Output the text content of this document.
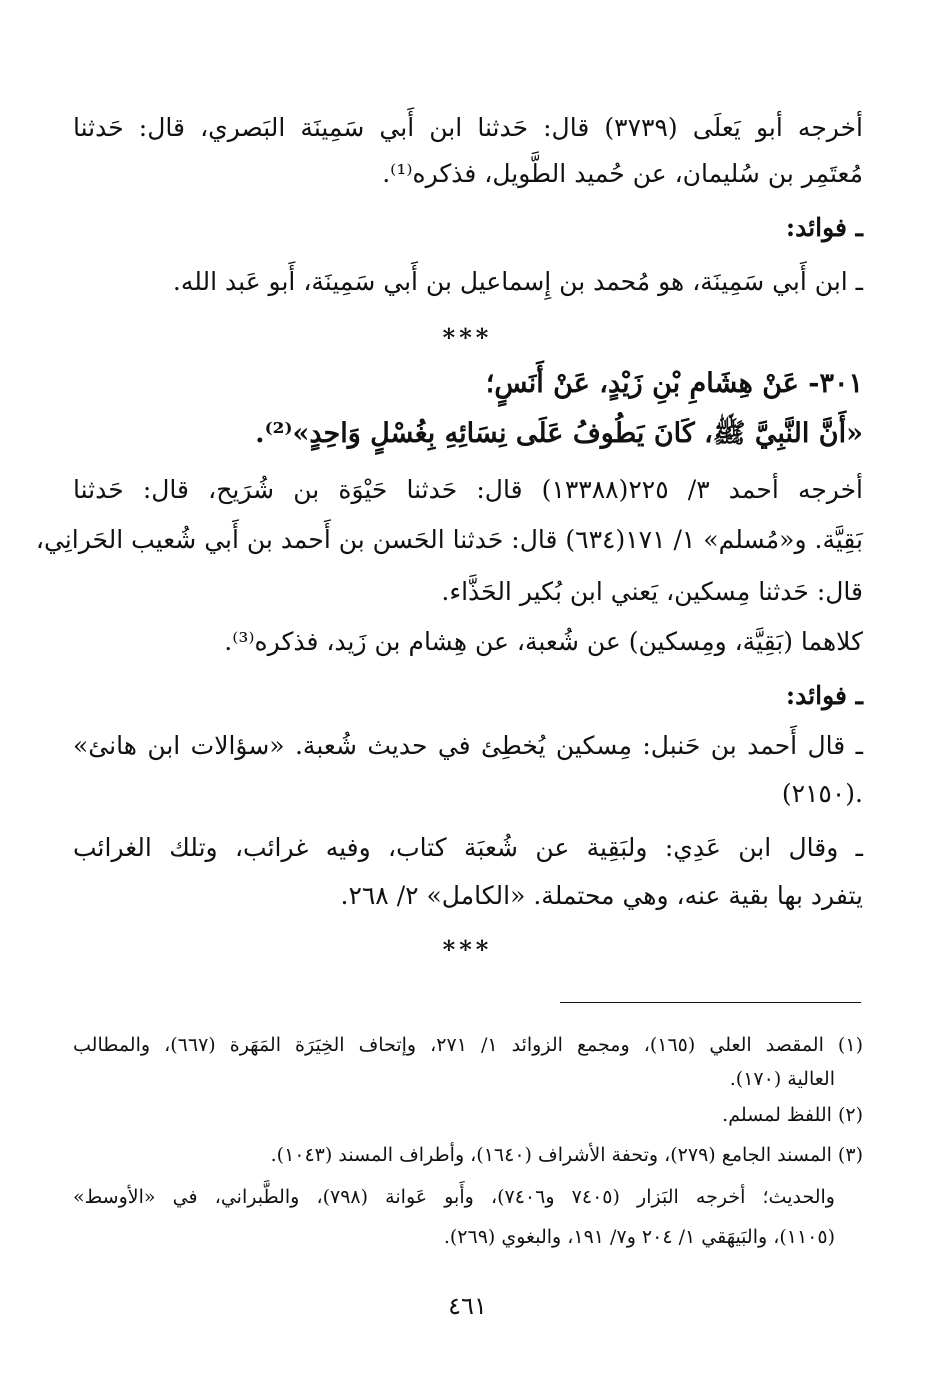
أخرجه أبو يَعلَى (٣٧٣٩) قال: حَدثنا ابن أَبي سَمِينَة البَصري، قال: حَدثنا
مُعتَمِر بن سُليمان، عن حُميد الطَّويل، فذكره⁽¹⁾.
ـ فوائد:
ـ ابن أَبي سَمِينَة، هو مُحمد بن إِسماعيل بن أَبي سَمِينَة، أَبو عَبد الله.
***
٣٠١- عَنْ هِشَامِ بْنِ زَيْدٍ، عَنْ أَنَسٍ؛
«أَنَّ النَّبِيَّ ﷺ، كَانَ يَطُوفُ عَلَى نِسَائِهِ بِغُسْلٍ وَاحِدٍ»⁽²⁾.
أخرجه أحمد ٣/ ٢٢٥(١٣٣٨٨) قال: حَدثنا حَيْوَة بن شُرَيح، قال: حَدثنا
بَقِيَّة. و«مُسلم» ١/ ١٧١(٦٣٤) قال: حَدثنا الحَسن بن أَحمد بن أَبي شُعيب الحَرانِي،
قال: حَدثنا مِسكين، يَعني ابن بُكير الحَذَّاء.
كلاهما (بَقِيَّة، ومِسكين) عن شُعبة، عن هِشام بن زَيد، فذكره⁽³⁾.
ـ فوائد:
ـ قال أَحمد بن حَنبل: مِسكين يُخطِئ في حديث شُعبة. «سؤالات ابن هانئ»
(٢١٥٠).
ـ وقال ابن عَدِي: ولبَقِية عن شُعبَة كتاب، وفيه غرائب، وتلك الغرائب
يتفرد بها بقية عنه، وهي محتملة. «الكامل» ٢/ ٢٦٨.
***
(١) المقصد العلي (١٦٥)، ومجمع الزوائد ١/ ٢٧١، وإتحاف الخِيَرَة المَهَرة (٦٦٧)، والمطالب
العالية (١٧٠).
(٢) اللفظ لمسلم.
(٣) المسند الجامع (٢٧٩)، وتحفة الأشراف (١٦٤٠)، وأطراف المسند (١٠٤٣).
والحديث؛ أخرجه البَزار (٧٤٠٥ و٧٤٠٦)، وأَبو عَوانة (٧٩٨)، والطَّبراني، في «الأوسط»
(١١٠٥)، والبَيهَقي ١/ ٢٠٤ و٧/ ١٩١، والبغوي (٢٦٩).
٤٦١
